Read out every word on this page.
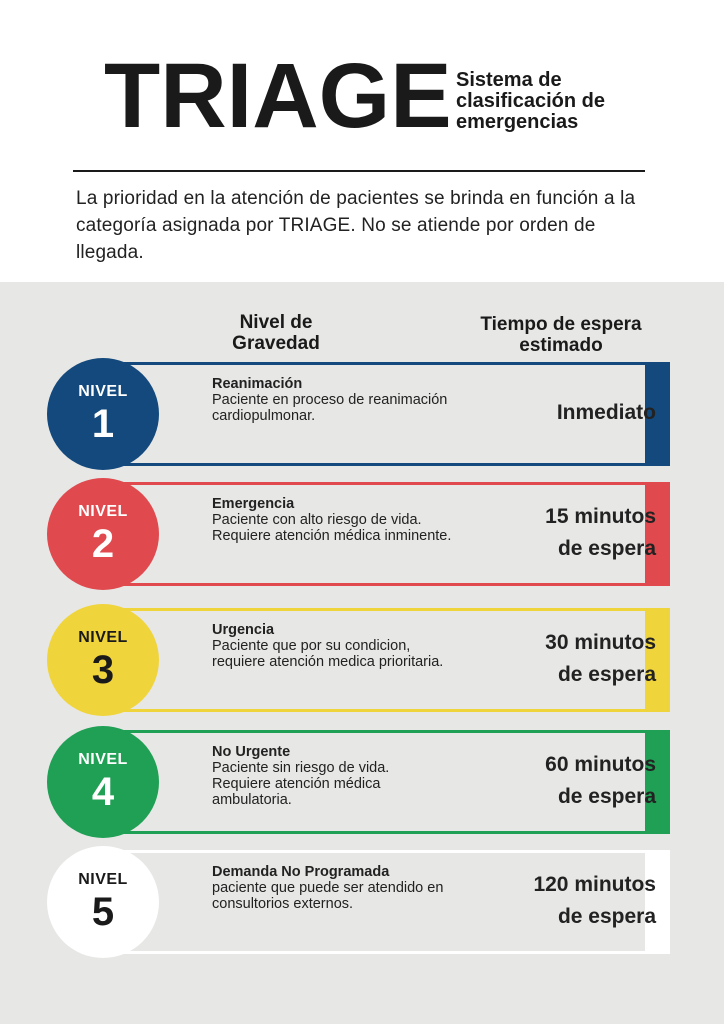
TRIAGE Sistema de clasificación de emergencias
La prioridad en la atención de pacientes se brinda en función a la categoría asignada por TRIAGE. No se atiende por orden de llegada.
Nivel de Gravedad
Tiempo de espera estimado
NIVEL
1
Reanimación
Paciente en proceso de reanimación cardiopulmonar.	Inmediato
NIVEL
2
Emergencia
Paciente con alto riesgo de vida. Requiere atención médica inminente.
15 minutos
de espera
NIVEL
3
Urgencia
Paciente que por su condicion, requiere atención medica prioritaria.
30 minutos
de espera
NIVEL
4
No Urgente
Paciente sin riesgo de vida. Requiere atención médica ambulatoria.
60 minutos
de espera
NIVEL
5
Demanda No Programada
paciente que puede ser atendido en consultorios externos.
120 minutos
de espera
